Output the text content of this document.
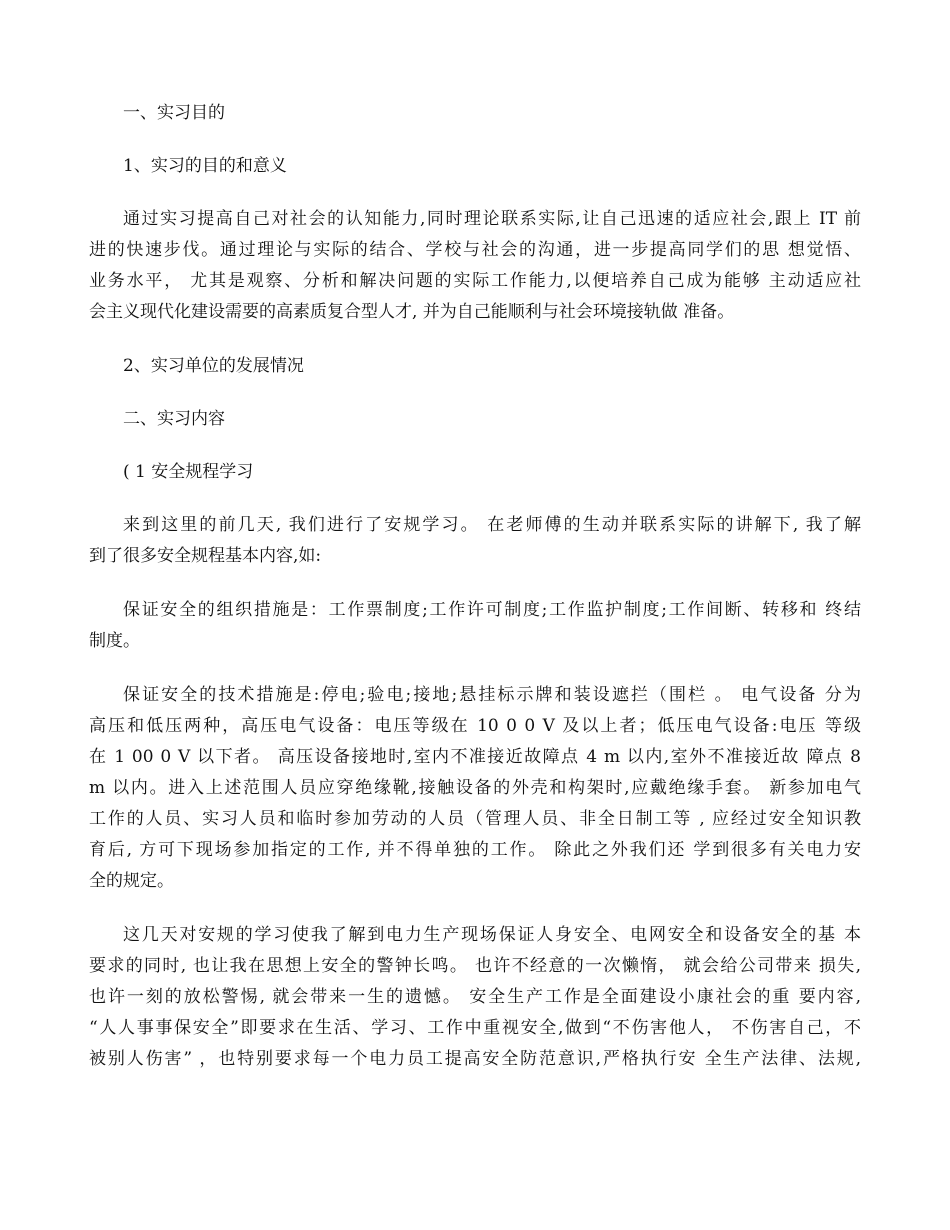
一、实习目的

1、实习的目的和意义

通过实习提高自己对社会的认知能力,同时理论联系实际,让自己迅速的适应社会,跟上 IT 前
进的快速步伐。通过理论与实际的结合、学校与社会的沟通，进一步提高同学们的思 想觉悟、
业务水平， 尤其是观察、分析和解决问题的实际工作能力,以便培养自己成为能够 主动适应社
会主义现代化建设需要的高素质复合型人才, 并为自己能顺利与社会环境接轨做 准备。

2、实习单位的发展情况

二、实习内容

( 1 安全规程学习

来到这里的前几天, 我们进行了安规学习。 在老师傅的生动并联系实际的讲解下, 我了解
到了很多安全规程基本内容,如:
保证安全的组织措施是：工作票制度;工作许可制度;工作监护制度;工作间断、转移和 终结
制度。
保证安全的技术措施是:停电;验电;接地;悬挂标示牌和装设遮拦（围栏 。 电气设备 分为
高压和低压两种，高压电气设备：电压等级在 10 0 0 V 及以上者；低压电气设备:电压 等级
在 1 00 0 V 以下者。 高压设备接地时,室内不准接近故障点 4 m 以内,室外不准接近故 障点 8
m 以内。进入上述范围人员应穿绝缘靴,接触设备的外壳和构架时,应戴绝缘手套。 新参加电气
工作的人员、实习人员和临时参加劳动的人员（管理人员、非全日制工等 , 应经过安全知识教
育后, 方可下现场参加指定的工作, 并不得单独的工作。 除此之外我们还 学到很多有关电力安
全的规定。
这几天对安规的学习使我了解到电力生产现场保证人身安全、电网安全和设备安全的基 本
要求的同时, 也让我在思想上安全的警钟长鸣。 也许不经意的一次懒惰， 就会给公司带来 损失,
也许一刻的放松警惕, 就会带来一生的遗憾。 安全生产工作是全面建设小康社会的重 要内容,
“人人事事保安全”即要求在生活、学习、工作中重视安全,做到“不伤害他人， 不伤害自己，不
被别人伤害” ，也特别要求每一个电力员工提高安全防范意识,严格执行安 全生产法律、法规,
